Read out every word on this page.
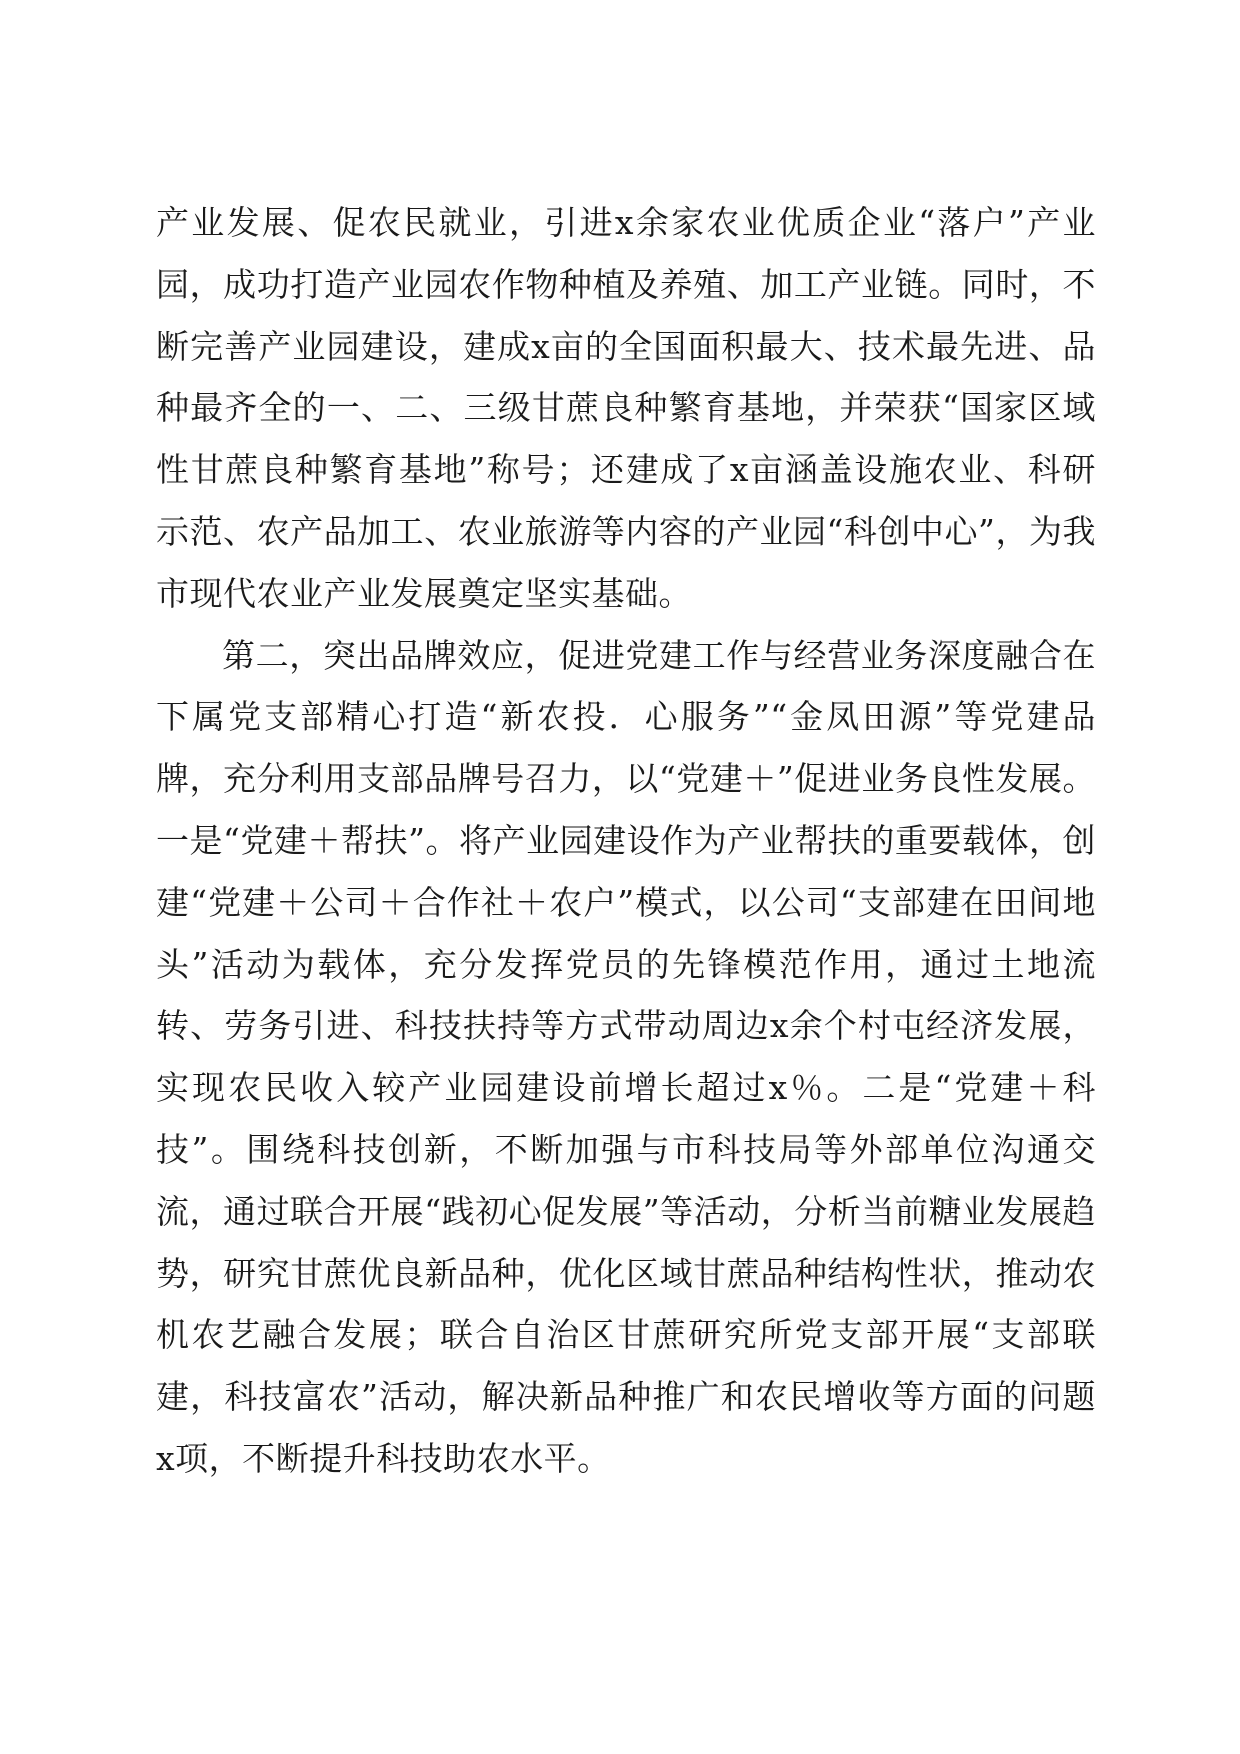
产业发展、促农民就业，引进x余家农业优质企业“落户”产业园，成功打造产业园农作物种植及养殖、加工产业链。同时，不断完善产业园建设，建成x亩的全国面积最大、技术最先进、品种最齐全的一、二、三级甘蔗良种繁育基地，并荣获“国家区域性甘蔗良种繁育基地”称号；还建成了x亩涵盖设施农业、科研示范、农产品加工、农业旅游等内容的产业园“科创中心”，为我市现代农业产业发展奠定坚实基础。

第二，突出品牌效应，促进党建工作与经营业务深度融合在下属党支部精心打造“新农投．心服务”“金凤田源”等党建品牌，充分利用支部品牌号召力，以“党建＋”促进业务良性发展。一是“党建＋帮扶”。将产业园建设作为产业帮扶的重要载体，创建“党建＋公司＋合作社＋农户”模式，以公司“支部建在田间地头”活动为载体，充分发挥党员的先锋模范作用，通过土地流转、劳务引进、科技扶持等方式带动周边x余个村屯经济发展，实现农民收入较产业园建设前增长超过x％。二是“党建＋科技”。围绕科技创新，不断加强与市科技局等外部单位沟通交流，通过联合开展“践初心促发展”等活动，分析当前糖业发展趋势，研究甘蔗优良新品种，优化区域甘蔗品种结构性状，推动农机农艺融合发展；联合自治区甘蔗研究所党支部开展“支部联建，科技富农”活动，解决新品种推广和农民增收等方面的问题x项，不断提升科技助农水平。
